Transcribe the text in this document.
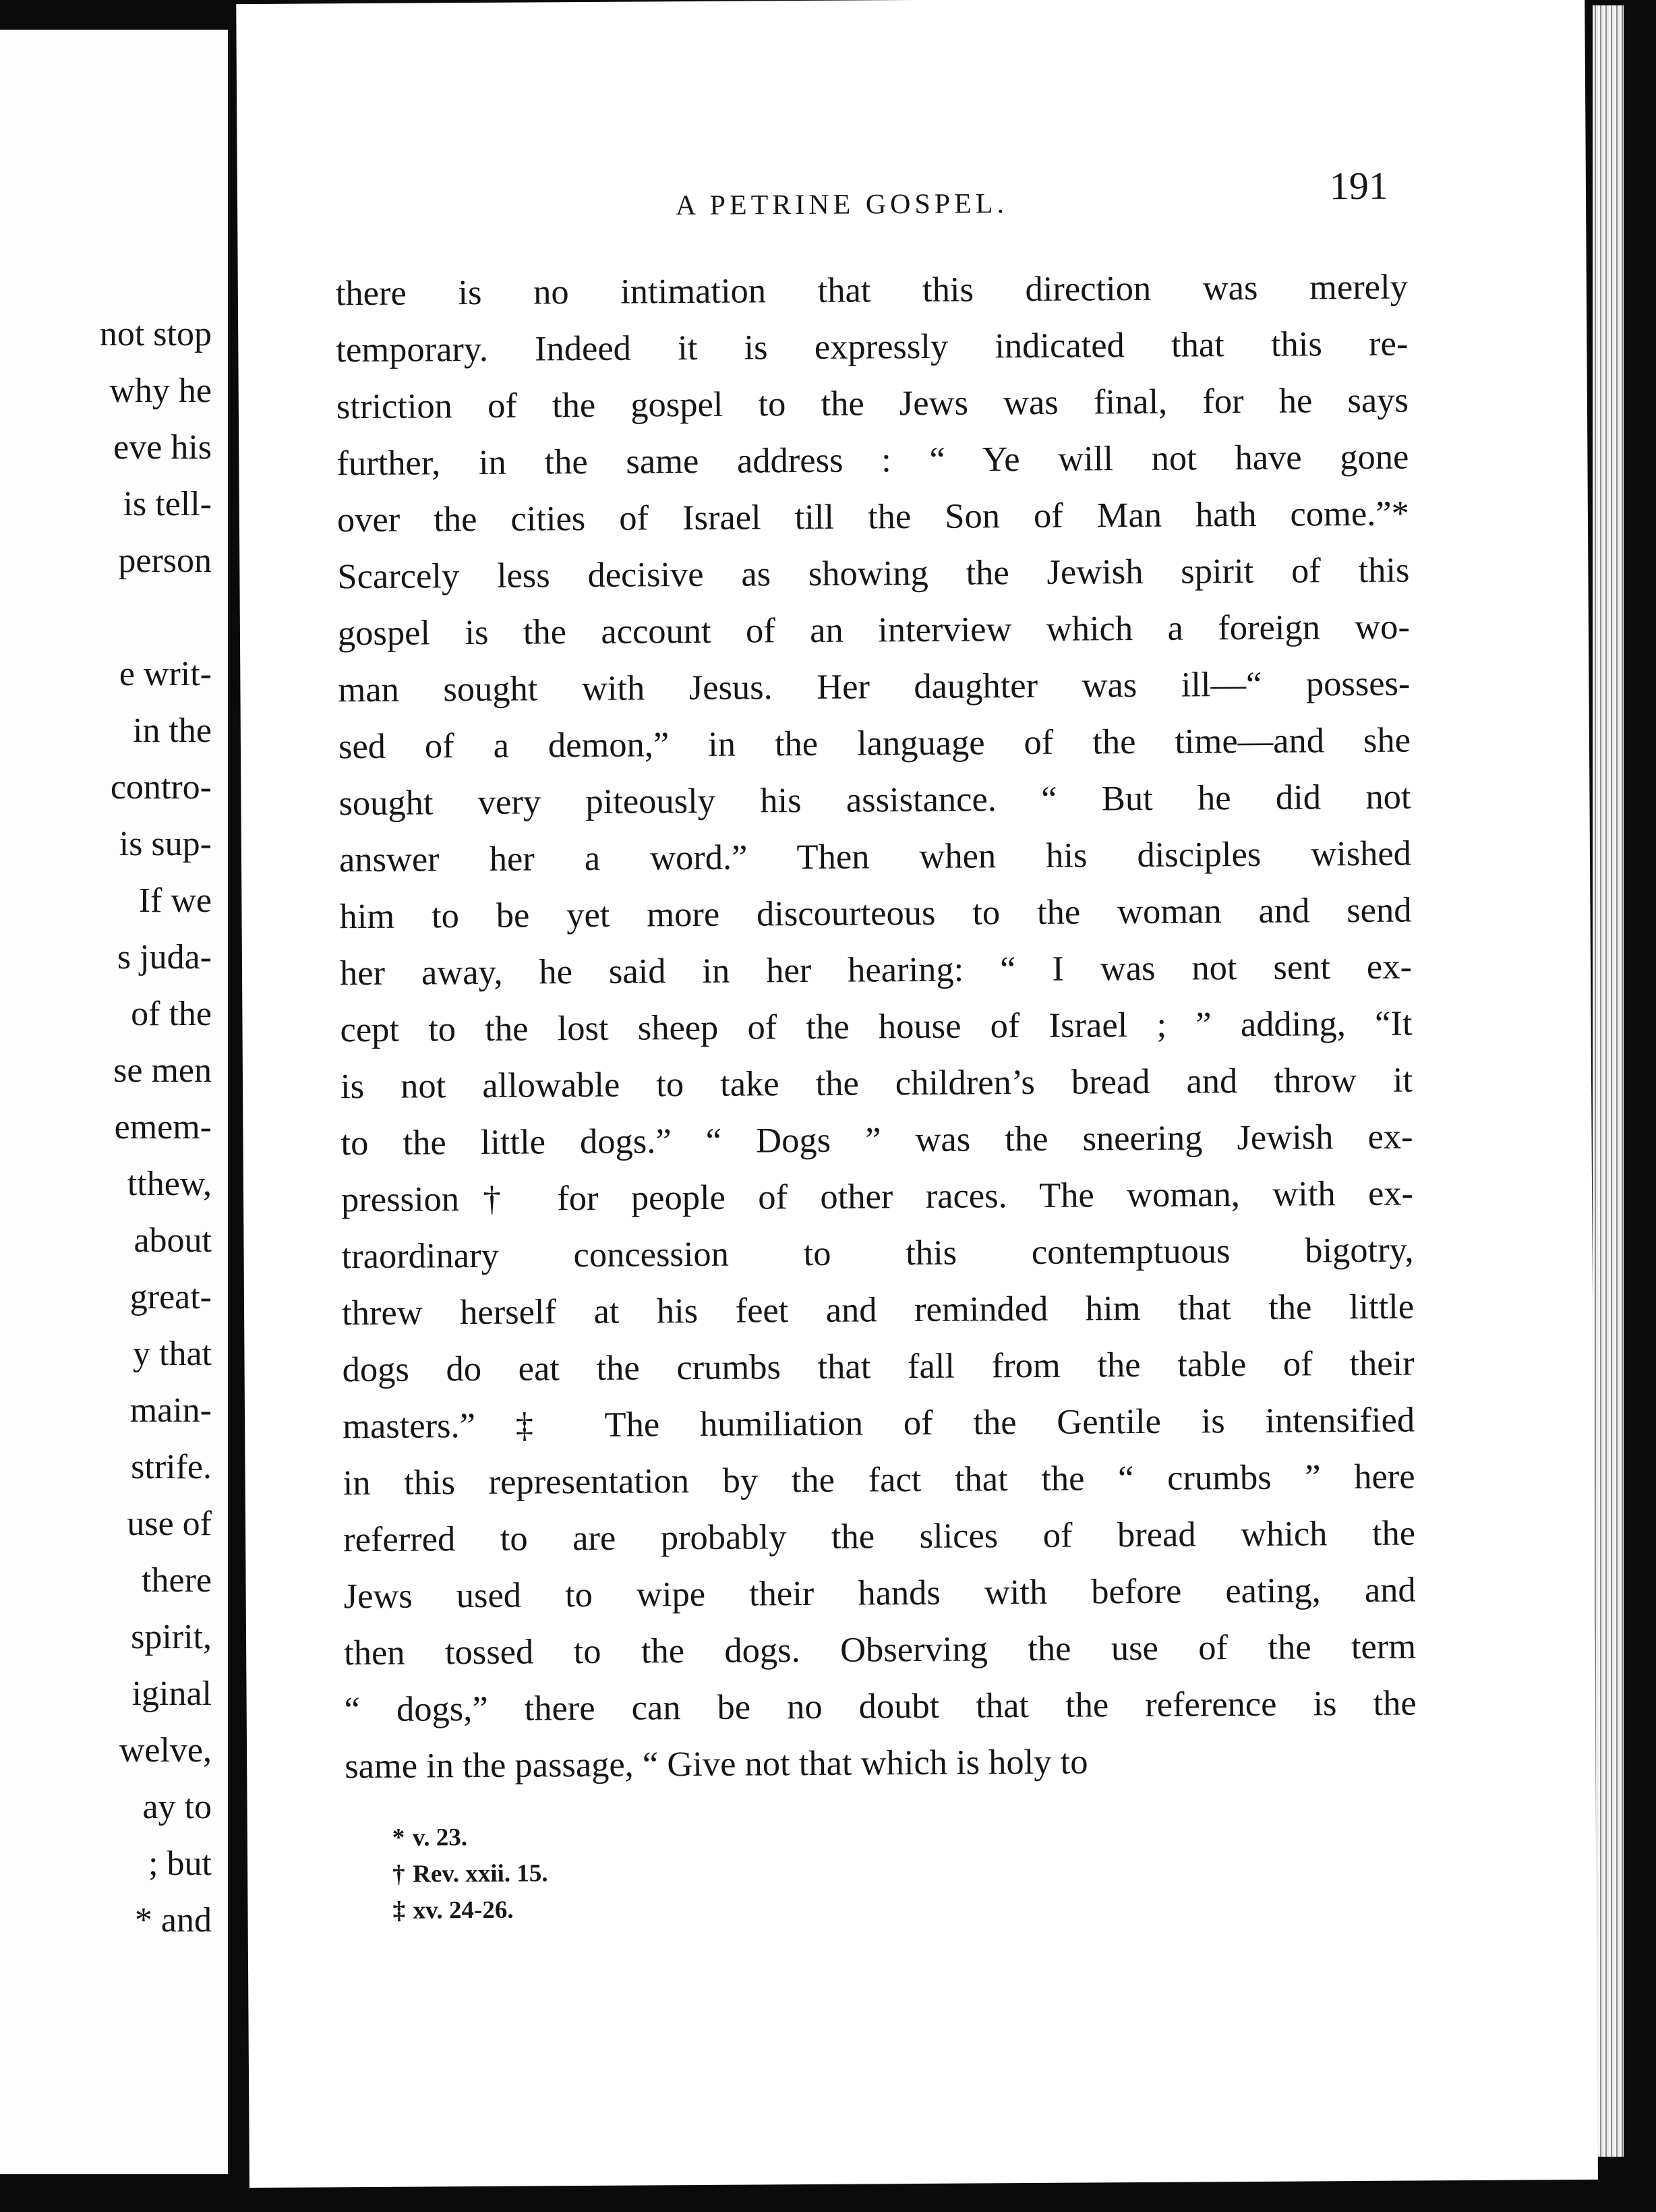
not stop
why he
eve his
is tell-
person
e writ-
in the
contro-
is sup-
If we
s juda-
of the
se men
emem-
tthew,
about
great-
y that
main-
strife.
use of
there
spirit,
iginal
welve,
ay to
; but
* and
A PETRINE GOSPEL.	191
there is no intimation that this direction was merely
temporary. Indeed it is expressly indicated that this re-
striction of the gospel to the Jews was final, for he says
further, in the same address : “ Ye will not have gone
over the cities of Israel till the Son of Man hath come.”*
Scarcely less decisive as showing the Jewish spirit of this
gospel is the account of an interview which a foreign wo-
man sought with Jesus. Her daughter was ill—“ posses-
sed of a demon,” in the language of the time—and she
sought very piteously his assistance. “ But he did not
answer her a word.” Then when his disciples wished
him to be yet more discourteous to the woman and send
her away, he said in her hearing: “ I was not sent ex-
cept to the lost sheep of the house of Israel ; ” adding, “It
is not allowable to take the children’s bread and throw it
to the little dogs.” “ Dogs ” was the sneering Jewish ex-
pression† for people of other races. The woman, with ex-
traordinary concession to this contemptuous bigotry,
threw herself at his feet and reminded him that the little
dogs do eat the crumbs that fall from the table of their
masters.” ‡ The humiliation of the Gentile is intensified
in this representation by the fact that the “ crumbs ” here
referred to are probably the slices of bread which the
Jews used to wipe their hands with before eating, and
then tossed to the dogs. Observing the use of the term
“ dogs,” there can be no doubt that the reference is the
same in the passage, “ Give not that which is holy to
* v. 23.
† Rev. xxii. 15.
‡ xv. 24-26.
